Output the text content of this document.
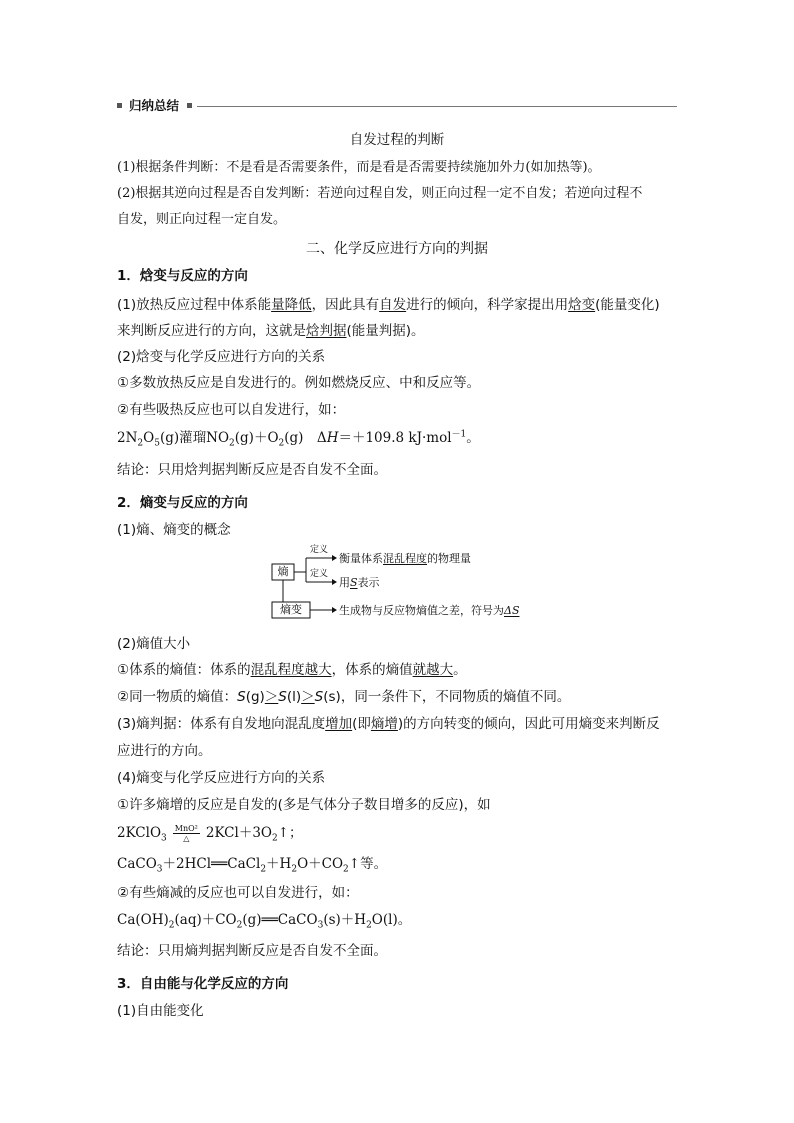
归纳总结
自发过程的判断
(1)根据条件判断：不是看是否需要条件，而是看是否需要持续施加外力(如加热等)。
(2)根据其逆向过程是否自发判断：若逆向过程自发，则正向过程一定不自发；若逆向过程不
自发，则正向过程一定自发。
二、化学反应进行方向的判据
1．焓变与反应的方向
(1)放热反应过程中体系能量降低，因此具有自发进行的倾向，科学家提出用焓变(能量变化)
来判断反应进行的方向，这就是焓判据(能量判据)。
(2)焓变与化学反应进行方向的关系
①多数放热反应是自发进行的。例如燃烧反应、中和反应等。
②有些吸热反应也可以自发进行，如：
$2N_2O_5(g)$灌瑠$NO_2(g)+O_2(g)$　ΔH＝＋109.8 kJ·mol$^{-1}$。
结论：只用焓判据判断反应是否自发不全面。
2．熵变与反应的方向
(1)熵、熵变的概念
熵
熵变
定义
定义
衡量体系混乱程度的物理量
用S表示
生成物与反应物熵值之差，符号为ΔS
(2)熵值大小
①体系的熵值：体系的混乱程度越大，体系的熵值就越大。
②同一物质的熵值：S(g)＞S(l)＞S(s)，同一条件下，不同物质的熵值不同。
(3)熵判据：体系有自发地向混乱度增加(即熵增)的方向转变的倾向，因此可用熵变来判断反
应进行的方向。
(4)熵变与化学反应进行方向的关系
①许多熵增的反应是自发的(多是气体分子数目增多的反应)，如
2KClO$_3$ $\frac{\text{MnO²}}{\triangle}$ $2KCl+3O_2↑$；
$CaCO_3+2HCl══CaCl_2+H_2O+CO_2↑$等。
②有些熵减的反应也可以自发进行，如：
$Ca(OH)_2(aq)+CO_2(g)══CaCO_3(s)+H_2O(l)$。
结论：只用熵判据判断反应是否自发不全面。
3．自由能与化学反应的方向
(1)自由能变化
